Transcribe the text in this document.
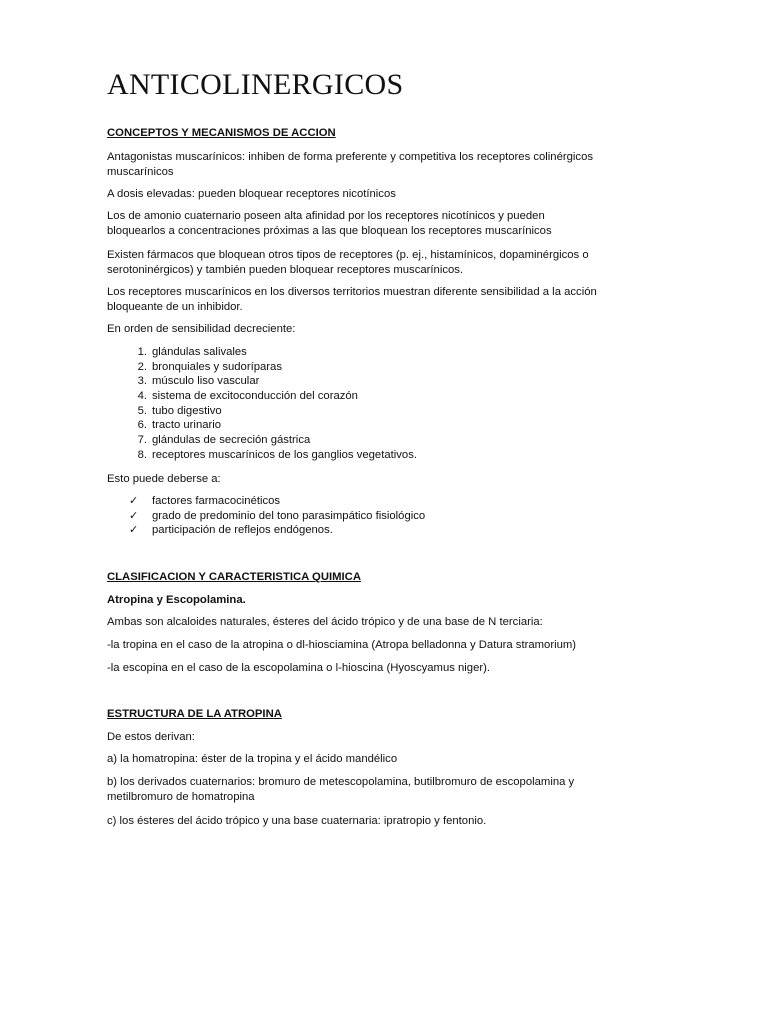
ANTICOLINERGICOS
CONCEPTOS Y MECANISMOS DE ACCION
Antagonistas muscarínicos: inhiben de forma preferente y competitiva los receptores colinérgicos
muscarínicos
A dosis elevadas: pueden bloquear receptores nicotínicos
Los de amonio cuaternario poseen alta afinidad por los receptores nicotínicos y pueden
bloquearlos a concentraciones próximas a las que bloquean los receptores muscarínicos
Existen fármacos que bloquean otros tipos de receptores (p. ej., histamínicos, dopaminérgicos o
serotoninérgicos) y también pueden bloquear receptores muscarínicos.
Los receptores muscarínicos en los diversos territorios muestran diferente sensibilidad a la acción
bloqueante de un inhibidor.
En orden de sensibilidad decreciente:
1. glándulas salivales
2. bronquiales y sudoríparas
3. músculo liso vascular
4. sistema de excitoconducción del corazón
5. tubo digestivo
6. tracto urinario
7. glándulas de secreción gástrica
8. receptores muscarínicos de los ganglios vegetativos.
Esto puede deberse a:
✓ factores farmacocinéticos
✓ grado de predominio del tono parasimpático fisiológico
✓ participación de reflejos endógenos.
CLASIFICACION Y CARACTERISTICA QUIMICA
Atropina y Escopolamina.
Ambas son alcaloides naturales, ésteres del ácido trópico y de una base de N terciaria:
-la tropina en el caso de la atropina o dl-hiosciamina (Atropa belladonna y Datura stramorium)
-la escopina en el caso de la escopolamina o l-hioscina (Hyoscyamus niger).
ESTRUCTURA DE LA ATROPINA
De estos derivan:
a) la homatropina: éster de la tropina y el ácido mandélico
b) los derivados cuaternarios: bromuro de metescopolamina, butilbromuro de escopolamina y
metilbromuro de homatropina
c) los ésteres del ácido trópico y una base cuaternaria: ipratropio y fentonio.
